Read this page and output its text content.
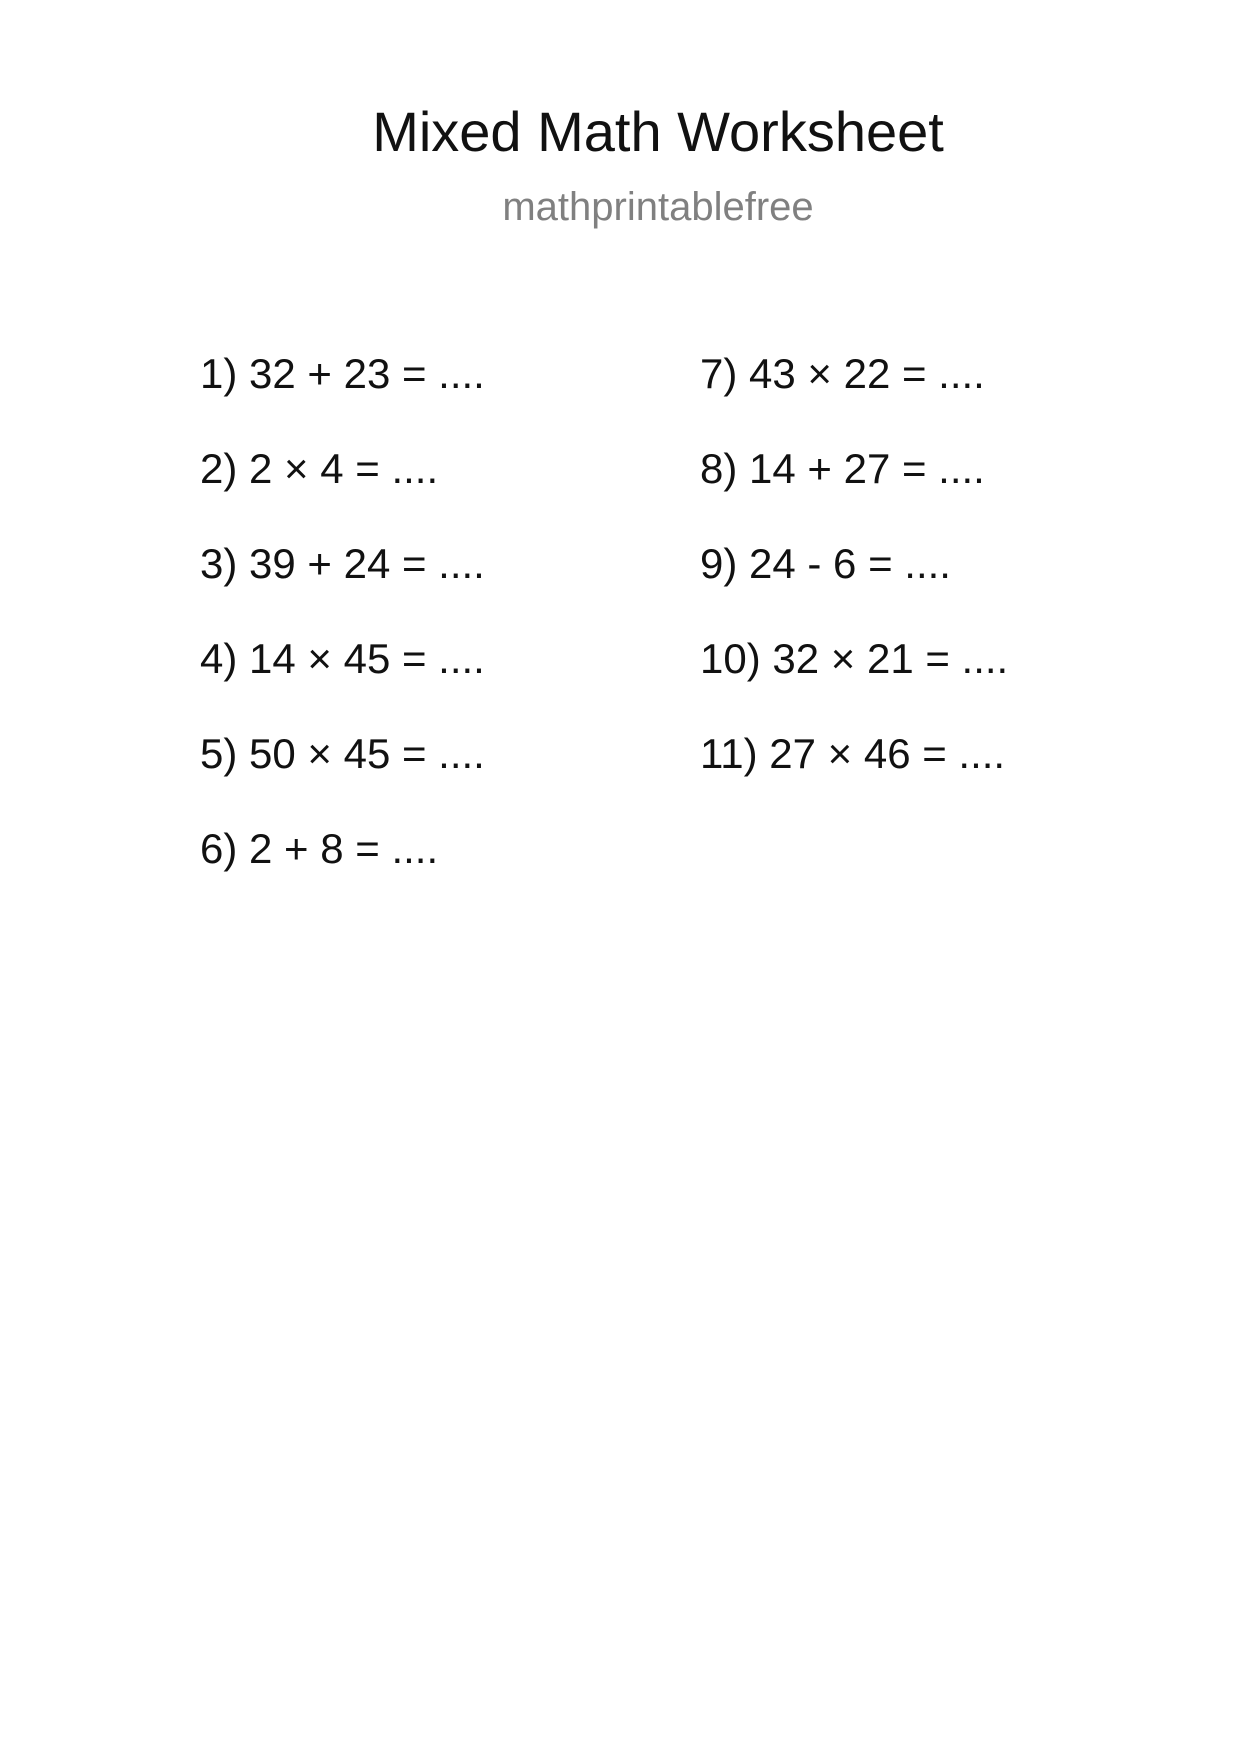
Mixed Math Worksheet
mathprintablefree
1) 32 + 23 = ....
2) 2 × 4 = ....
3) 39 + 24 = ....
4) 14 × 45 = ....
5) 50 × 45 = ....
6) 2 + 8 = ....
7) 43 × 22 = ....
8) 14 + 27 = ....
9) 24 - 6 = ....
10) 32 × 21 = ....
11) 27 × 46 = ....
